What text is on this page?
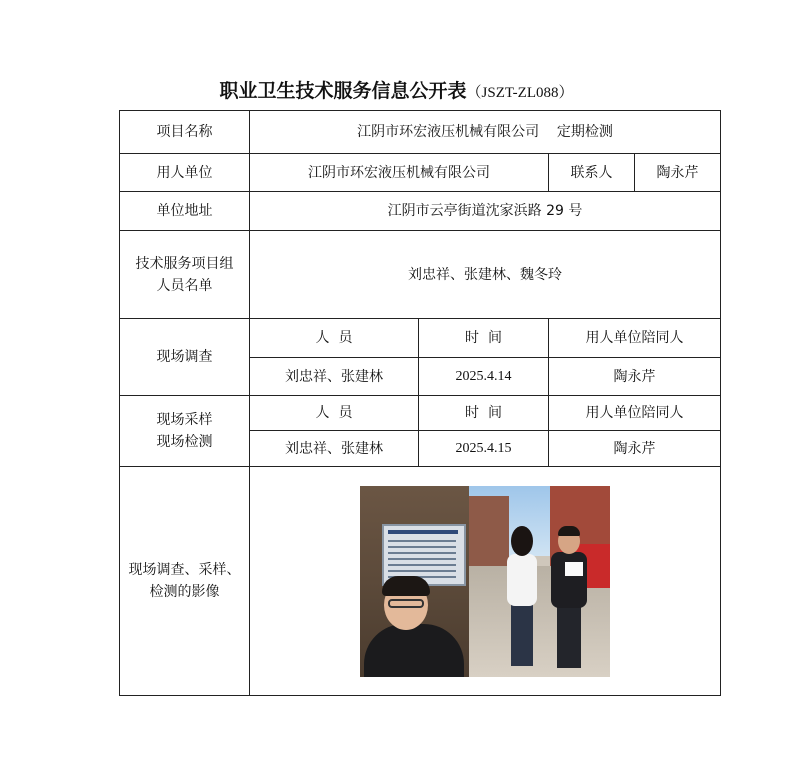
职业卫生技术服务信息公开表（JSZT-ZL088）
项目名称	江阴市环宏液压机械有限公司    定期检测			
用人单位	江阴市环宏液压机械有限公司		联系人	陶永芹
单位地址	江阴市云亭街道沈家浜路 29 号			

技术服务项目组
人员名单	刘忠祥、张建林、魏冬玲			
现场调查	人  员	时  间	用人单位陪同人	
	刘忠祥、张建林	2025.4.14	陶永芹	

现场采样
现场检测	人  员	时  间	用人单位陪同人	
	刘忠祥、张建林	2025.4.15	陶永芹	

现场调查、采样、
检测的影像				
